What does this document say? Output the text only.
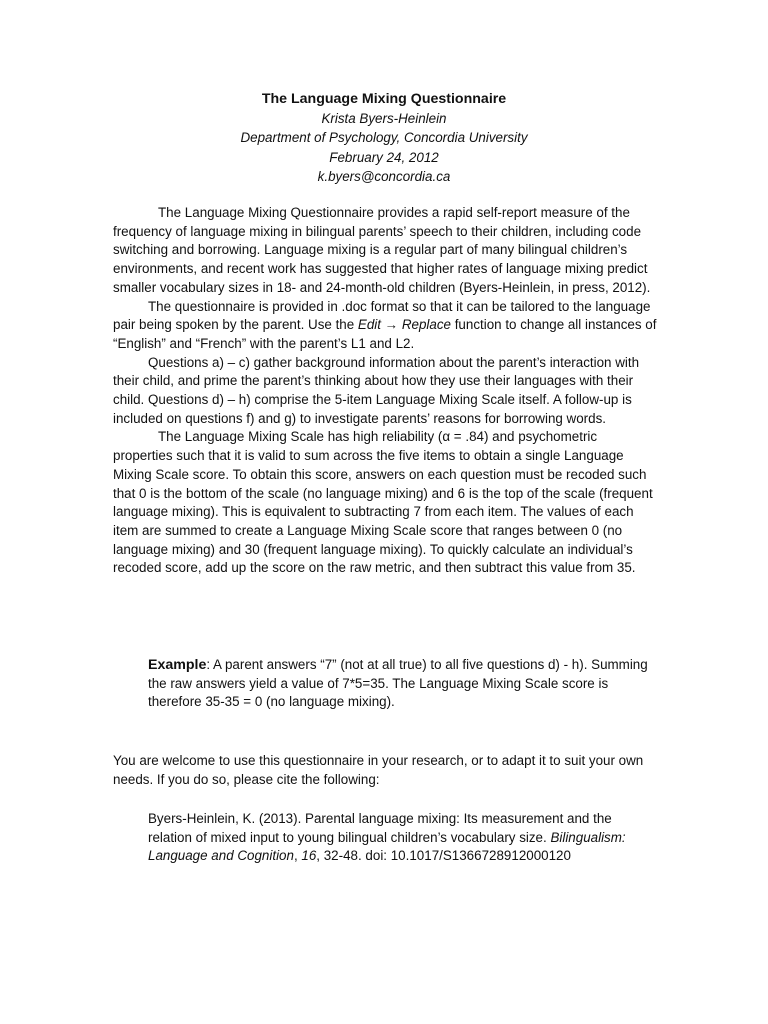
The Language Mixing Questionnaire
Krista Byers-Heinlein
Department of Psychology, Concordia University
February 24, 2012
k.byers@concordia.ca

The Language Mixing Questionnaire provides a rapid self-report measure of the frequency of language mixing in bilingual parents’ speech to their children, including code switching and borrowing. Language mixing is a regular part of many bilingual children’s environments, and recent work has suggested that higher rates of language mixing predict smaller vocabulary sizes in 18- and 24-month-old children (Byers-Heinlein, in press, 2012).

The questionnaire is provided in .doc format so that it can be tailored to the language pair being spoken by the parent. Use the Edit → Replace function to change all instances of “English” and “French” with the parent’s L1 and L2.

Questions a) – c) gather background information about the parent’s interaction with their child, and prime the parent’s thinking about how they use their languages with their child. Questions d) – h) comprise the 5-item Language Mixing Scale itself. A follow-up is included on questions f) and g) to investigate parents’ reasons for borrowing words.

The Language Mixing Scale has high reliability (α = .84) and psychometric properties such that it is valid to sum across the five items to obtain a single Language Mixing Scale score. To obtain this score, answers on each question must be recoded such that 0 is the bottom of the scale (no language mixing) and 6 is the top of the scale (frequent language mixing). This is equivalent to subtracting 7 from each item. The values of each item are summed to create a Language Mixing Scale score that ranges between 0 (no language mixing) and 30 (frequent language mixing). To quickly calculate an individual’s recoded score, add up the score on the raw metric, and then subtract this value from 35.

Example: A parent answers “7” (not at all true) to all five questions d) - h). Summing the raw answers yield a value of 7*5=35. The Language Mixing Scale score is therefore 35-35 = 0 (no language mixing).
You are welcome to use this questionnaire in your research, or to adapt it to suit your own needs. If you do so, please cite the following:
Byers-Heinlein, K. (2013). Parental language mixing: Its measurement and the relation of mixed input to young bilingual children’s vocabulary size. Bilingualism: Language and Cognition, 16, 32-48. doi: 10.1017/S1366728912000120
